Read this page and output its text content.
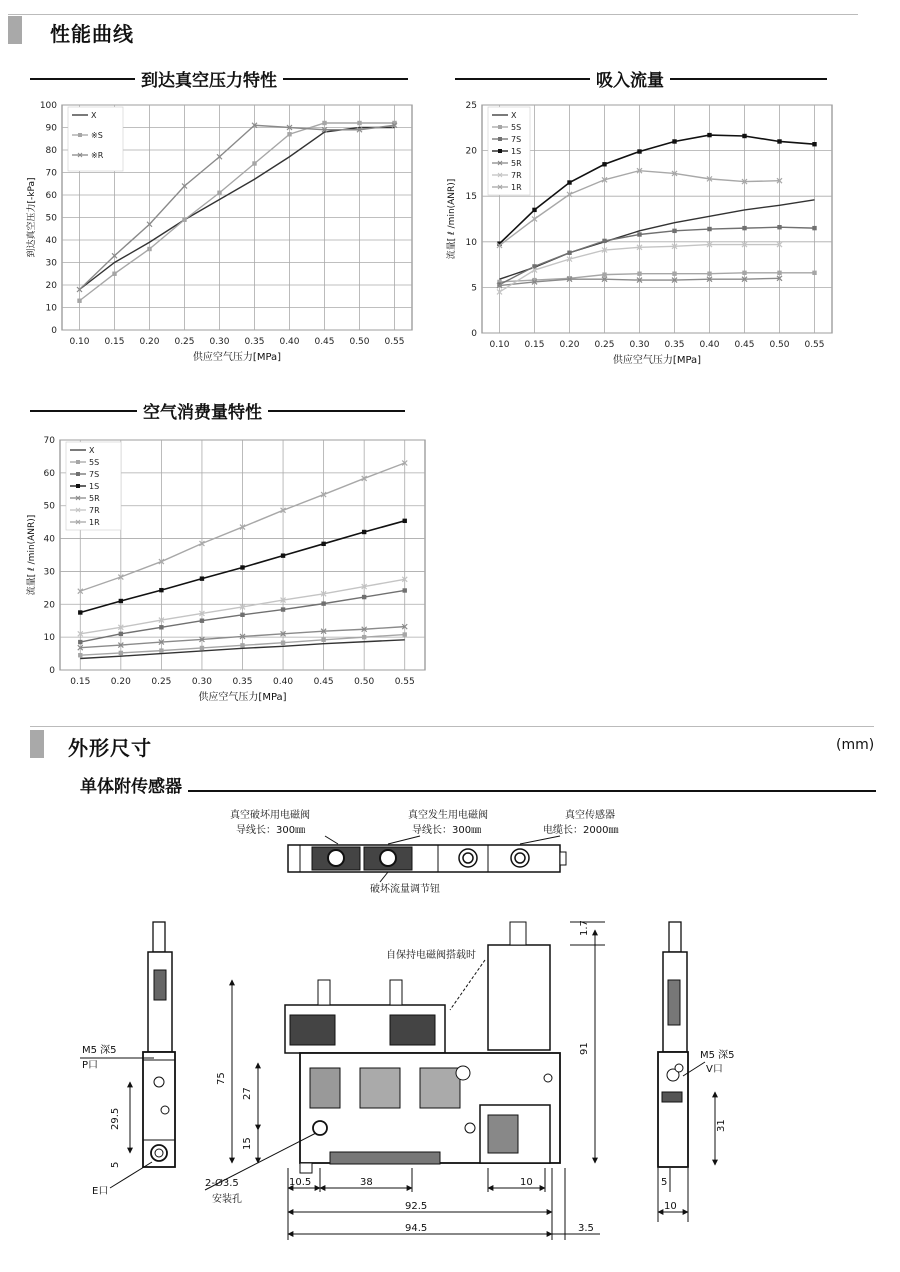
性能曲线
到达真空压力特性	吸入流量
空气消费量特性
0.10 0.15 0.20 0.25 0.30 0.35 0.40 0.45 0.50 0.55
0
10
20
30
40
50
60
70
80
90
100
供应空气压力[MPa]
到达真空压力[-kPa]
X
※S
※R
0.10 0.15 0.20 0.25 0.30 0.35 0.40 0.45 0.50 0.55
0
5
10
15
20
25
供应空气压力[MPa]
流量[ ℓ /min(ANR)]
X
5S
7S
1S
5R
7R
1R
0.15 0.20 0.25 0.30 0.35 0.40 0.45 0.50 0.55
0
10
20
30
40
50
60
70
供应空气压力[MPa]
流量[ ℓ /min(ANR)]
X
5S
7S
1S
5R
7R
1R
外形尺寸	(mm)
单体附传感器
真空破坏用电磁阀
导线长：300㎜
真空发生用电磁阀
导线长：300㎜
真空传感器
电缆长：2000㎜
破坏流量调节钮
M5 深5
P口
E口
29.5
5
自保持电磁阀搭载时
75
27
15
91
1.7
2-Ø3.5
安装孔
10.5	38	10
92.5
94.5	3.5
M5 深5
V口
31
5
10
